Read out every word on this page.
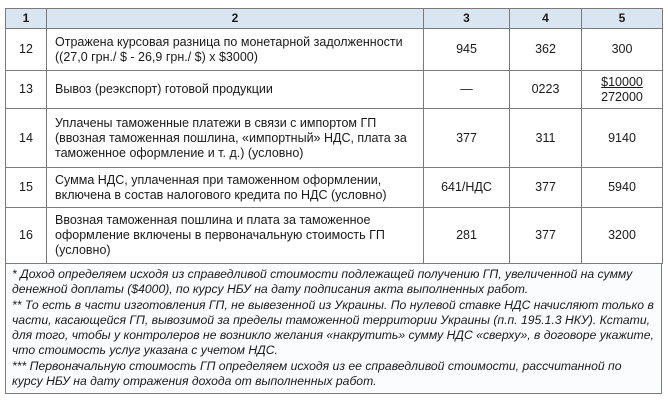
1	2	3	4	5
12	Отражена курсовая разница по монетарной задолженности ((27,0 грн./ $ - 26,9 грн./ $) х $3000)	945	362	300
13	Вывоз (реэкспорт) готовой продукции	—	0223	$\frac{\$10000}{272000}$

14	Уплачены таможенные платежи в связи с импортом ГП (ввозная таможенная пошлина, «импортный» НДС, плата за таможенное оформление и т. д.) (условно)	377	311	9140
15	Сумма НДС, уплаченная при таможенном оформлении, включена в состав налогового кредита по НДС (условно)	641/НДС	377	5940
16	Ввозная таможенная пошлина и плата за таможенное оформление включены в первоначальную стоимость ГП (условно)	281	377	3200

* Доход определяем исходя из справедливой стоимости подлежащей получению ГП, увеличенной на сумму денежной доплаты ($4000), по курсу НБУ на дату подписания акта выполненных работ.

** То есть в части изготовления ГП, не вывезенной из Украины. По нулевой ставке НДС начисляют только в части, касающейся ГП, вывозимой за пределы таможенной территории Украины (п.п. 195.1.3 НКУ). Кстати, для того, чтобы у контролеров не возникло желания «накрутить» сумму НДС «сверху», в договоре укажите, что стоимость услуг указана с учетом НДС.

*** Первоначальную стоимость ГП определяем исходя из ее справедливой стоимости, рассчитанной по курсу НБУ на дату отражения дохода от выполненных работ.
